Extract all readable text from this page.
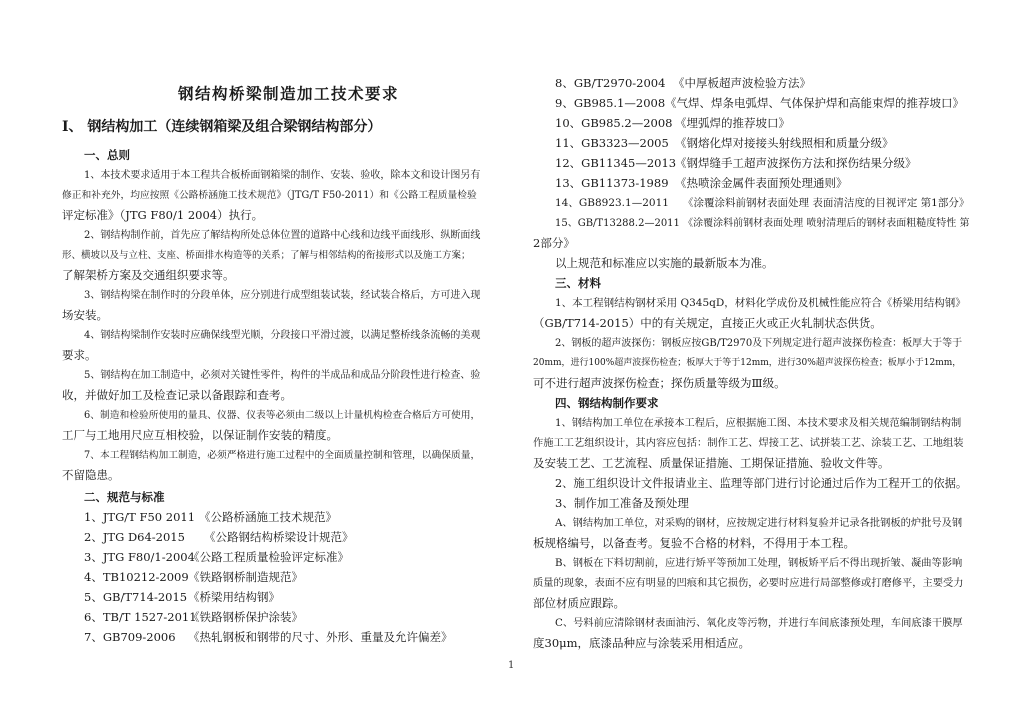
钢结构桥梁制造加工技术要求
I、 钢结构加工（连续钢箱梁及组合梁钢结构部分）
一、总则
1、本技术要求适用于本工程共合板桥面钢箱梁的制作、安装、验收，除本文和设计图另有
修正和补充外，均应按照《公路桥涵施工技术规范》（JTG/T F50-2011）和《公路工程质量检验
评定标准》（JTG F80/1 2004）执行。
2、钢结构制作前，首先应了解结构所处总体位置的道路中心线和边线平面线形、纵断面线
形、横坡以及与立柱、支座、桥面排水构造等的关系；了解与相邻结构的衔接形式以及施工方案；
了解架桥方案及交通组织要求等。
3、钢结构梁在制作时的分段单体，应分别进行成型组装试装，经试装合格后，方可进入现
场安装。
4、钢结构梁制作安装时应确保线型光顺，分段接口平滑过渡，以满足整桥线条流畅的美观
要求。
5、钢结构在加工制造中，必须对关键性零件，构件的半成品和成品分阶段性进行检查、验
收，并做好加工及检查记录以备跟踪和查考。
6、制造和检验所使用的量具、仪器、仪表等必须由二级以上计量机构检查合格后方可使用，
工厂与工地用尺应互相校验，以保证制作安装的精度。
7、本工程钢结构加工制造，必须严格进行施工过程中的全面质量控制和管理，以确保质量，
不留隐患。
二、规范与标准
1、JTG/T F50 2011 《公路桥涵施工技术规范》
2、JTG D64-2015	《公路钢结构桥梁设计规范》
3、JTG F80/1-2004
《公路工程质量检验评定标准》
4、TB10212-2009 《铁路钢桥制造规范》
5、GB/T714-2015 《桥梁用结构钢》
6、TB/T 1527-2011
《铁路钢桥保护涂装》
7、GB709-2006	《热轧钢板和钢带的尺寸、外形、重量及允许偏差》
8、GB/T2970-2004 《中厚板超声波检验方法》
9、GB985.1—2008 《气焊、焊条电弧焊、气体保护焊和高能束焊的推荐坡口》
10、GB985.2—2008 《埋弧焊的推荐坡口》
11、GB3323—2005 《钢熔化焊对接接头射线照相和质量分级》
12、GB11345—2013
《钢焊缝手工超声波探伤方法和探伤结果分级》
13、GB11373-1989 《热喷涂金属件表面预处理通则》
14、GB8923.1—2011	《涂覆涂料前钢材表面处理 表面清洁度的目视评定 第1部分》
15、GB/T13288.2—2011 《涂覆涂料前钢材表面处理 喷射清理后的钢材表面粗糙度特性 第
2部分》
以上规范和标准应以实施的最新版本为准。
三、材料
1、本工程钢结构钢材采用 Q345qD，材料化学成份及机械性能应符合《桥梁用结构钢》
（GB/T714-2015）中的有关规定，直接正火或正火轧制状态供货。
2、钢板的超声波探伤：钢板应按GB/T2970及下列规定进行超声波探伤检查：板厚大于等于
20mm，进行100%超声波探伤检查；板厚大于等于12mm，进行30%超声波探伤检查；板厚小于12mm，
可不进行超声波探伤检查；探伤质量等级为Ⅲ级。
四、钢结构制作要求
1、钢结构加工单位在承接本工程后，应根据施工图、本技术要求及相关规范编制钢结构制
作施工工艺组织设计，其内容应包括：制作工艺、焊接工艺、试拼装工艺、涂装工艺、工地组装
及安装工艺、工艺流程、质量保证措施、工期保证措施、验收文件等。
2、施工组织设计文件报请业主、监理等部门进行讨论通过后作为工程开工的依据。
3、制作加工准备及预处理
A、钢结构加工单位，对采购的钢材，应按规定进行材料复验并记录各批钢板的炉批号及钢
板规格编号，以备查考。复验不合格的材料，不得用于本工程。
B、钢板在下料切割前，应进行矫平等预加工处理，钢板矫平后不得出现折皱、凝曲等影响
质量的现象，表面不应有明显的凹痕和其它损伤，必要时应进行局部整修或打磨修平，主要受力
部位材质应跟踪。
C、号料前应清除钢材表面油污、氧化皮等污物，并进行车间底漆预处理，车间底漆干膜厚
度30μm，底漆品种应与涂装采用相适应。
1
